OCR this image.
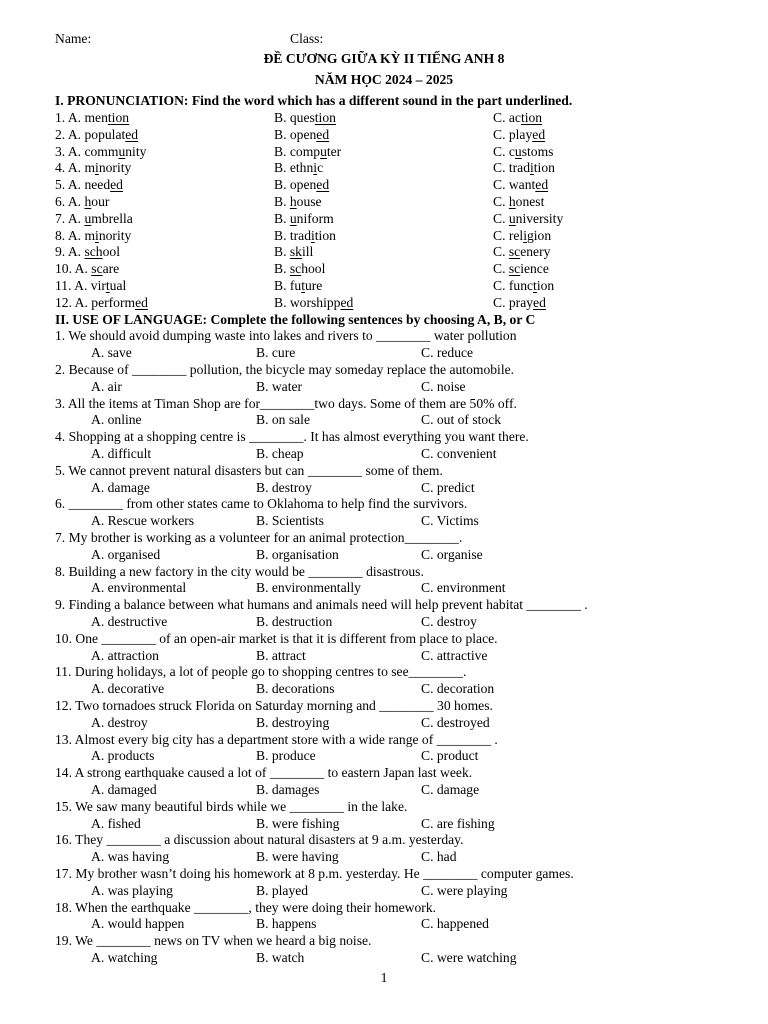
Name:	Class:
ĐỀ CƯƠNG GIỮA KỲ II TIẾNG ANH 8
NĂM HỌC 2024 – 2025
I. PRONUNCIATION: Find the word which has a different sound in the part underlined.
1. A. mention	B. question	C. action
2. A. populated	B. opened	C. played
3. A. community	B. computer	C. customs
4. A. minority	B. ethnic	C. tradition
5. A. needed	B. opened	C. wanted
6. A. hour	B. house	C. honest
7. A. umbrella	B. uniform	C. university
8. A. minority	B. tradition	C. religion
9. A. school	B. skill	C. scenery
10. A. scare	B. school	C. science
11. A. virtual	B. future	C. function
12. A. performed	B. worshipped	C. prayed
II. USE OF LANGUAGE: Complete the following sentences by choosing A, B, or C
1. We should avoid dumping waste into lakes and rivers to ________ water pollution
A. save	B. cure	C. reduce
2. Because of ________ pollution, the bicycle may someday replace the automobile.
A. air	B. water	C. noise
3. All the items at Timan Shop are for________two days. Some of them are 50% off.
A. online	B. on sale	C. out of stock
4. Shopping at a shopping centre is ________. It has almost everything you want there.
A. difficult	B. cheap	C. convenient
5. We cannot prevent natural disasters but can ________ some of them.
A. damage	B. destroy	C. predict
6. ________ from other states came to Oklahoma to help find the survivors.
A. Rescue workers	B. Scientists	C. Victims
7. My brother is working as a volunteer for an animal protection________.
A. organised	B. organisation	C. organise
8. Building a new factory in the city would be ________ disastrous.
A. environmental	B. environmentally	C. environment
9. Finding a balance between what humans and animals need will help prevent habitat ________ .
A. destructive	B. destruction	C. destroy
10. One ________ of an open-air market is that it is different from place to place.
A. attraction	B. attract	C. attractive
11. During holidays, a lot of people go to shopping centres to see________.
A. decorative	B. decorations	C. decoration
12. Two tornadoes struck Florida on Saturday morning and ________ 30 homes.
A. destroy	B. destroying	C. destroyed
13. Almost every big city has a department store with a wide range of ________ .
A. products	B. produce	C. product
14. A strong earthquake caused a lot of ________ to eastern Japan last week.
A. damaged	B. damages	C. damage
15. We saw many beautiful birds while we ________ in the lake.
A. fished	B. were fishing	C. are fishing
16. They ________ a discussion about natural disasters at 9 a.m. yesterday.
A. was having	B. were having	C. had
17. My brother wasn’t doing his homework at 8 p.m. yesterday. He ________ computer games.
A. was playing	B. played	C. were playing
18. When the earthquake ________, they were doing their homework.
A. would happen	B. happens	C. happened
19. We ________ news on TV when we heard a big noise.
A. watching	B. watch	C. were watching
1
